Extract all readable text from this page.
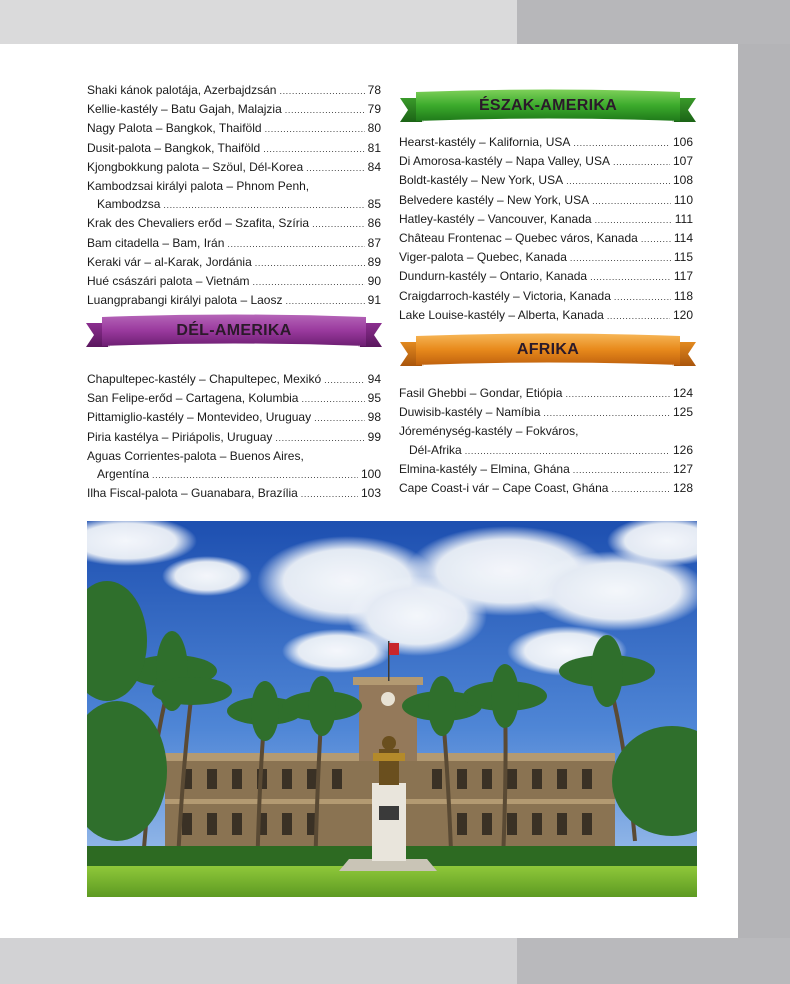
Shaki kánok palotája, Azerbajdzsán .....	78
Kellie-kastély – Batu Gajah, Malajzia .....	79
Nagy Palota – Bangkok, Thaiföld .....	80
Dusit-palota – Bangkok, Thaiföld .....	81
Kjongbokkung palota – Szöul, Dél-Korea .....	84
Kambodzsai királyi palota – Phnom Penh,
Kambodzsa .....	85
Krak des Chevaliers erőd – Szafita, Szíria .....	86
Bam citadella – Bam, Irán .....	87
Keraki vár – al-Karak, Jordánia .....	89
Hué császári palota – Vietnám .....	90
Luangprabangi királyi palota – Laosz .....	91
DÉL-AMERIKA
Chapultepec-kastély – Chapultepec, Mexikó .....	94
San Felipe-erőd – Cartagena, Kolumbia .....	95
Pittamiglio-kastély – Montevideo, Uruguay .....	98
Piria kastélya – Piriápolis, Uruguay .....	99
Aguas Corrientes-palota – Buenos Aires,
Argentína .....	100
Ilha Fiscal-palota – Guanabara, Brazília .....	103
ÉSZAK-AMERIKA
Hearst-kastély – Kalifornia, USA .....	106
Di Amorosa-kastély – Napa Valley, USA .....	107
Boldt-kastély – New York, USA .....	108
Belvedere kastély – New York, USA .....	110
Hatley-kastély – Vancouver, Kanada .....	111
Château Frontenac – Quebec város, Kanada .....	114
Viger-palota – Quebec, Kanada .....	115
Dundurn-kastély – Ontario, Kanada .....	117
Craigdarroch-kastély – Victoria, Kanada .....	118
Lake Louise-kastély – Alberta, Kanada .....	120
AFRIKA
Fasil Ghebbi – Gondar, Etiópia .....	124
Duwisib-kastély – Namíbia .....	125
Jóreménység-kastély – Fokváros,
Dél-Afrika .....	126
Elmina-kastély – Elmina, Ghána .....	127
Cape Coast-i vár – Cape Coast, Ghána .....	128
